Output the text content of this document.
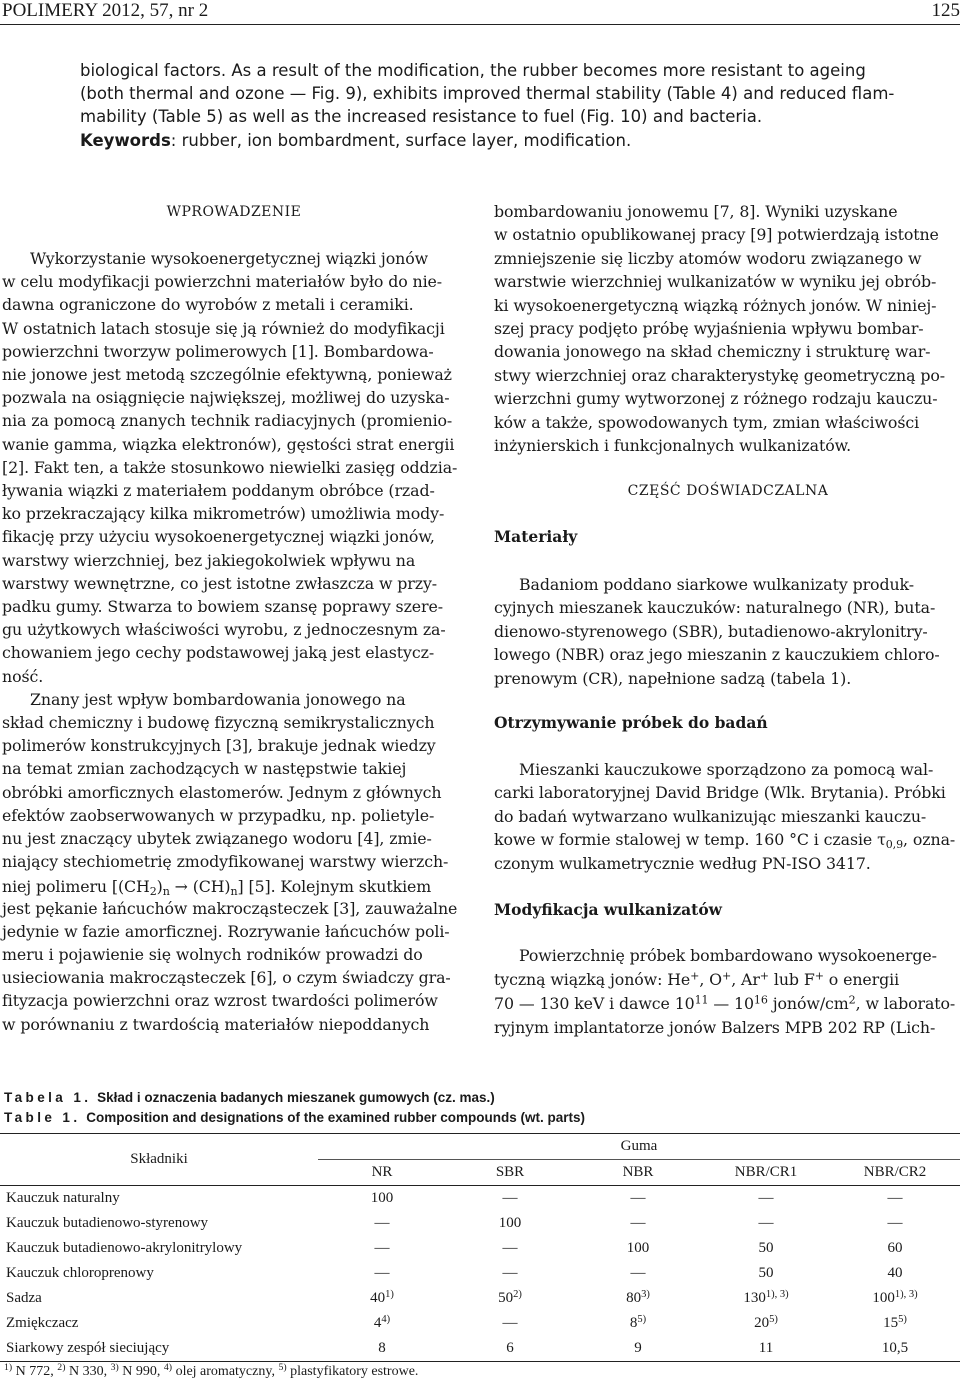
POLIMERY 2012, 57, nr 2	125
biological factors. As a result of the modification, the rubber becomes more resistant to ageing
(both thermal and ozone — Fig. 9), exhibits improved thermal stability (Table 4) and reduced flam-
mability (Table 5) as well as the increased resistance to fuel (Fig. 10) and bacteria.
Keywords: rubber, ion bombardment, surface layer, modification.
WPROWADZENIE
Wykorzystanie wysokoenergetycznej wiązki jonów
w celu modyfikacji powierzchni materiałów było do nie-
dawna ograniczone do wyrobów z metali i ceramiki.
W ostatnich latach stosuje się ją również do modyfikacji
powierzchni tworzyw polimerowych [1]. Bombardowa-
nie jonowe jest metodą szczególnie efektywną, ponieważ
pozwala na osiągnięcie największej, możliwej do uzyska-
nia za pomocą znanych technik radiacyjnych (promienio-
wanie gamma, wiązka elektronów), gęstości strat energii
[2]. Fakt ten, a także stosunkowo niewielki zasięg oddzia-
ływania wiązki z materiałem poddanym obróbce (rzad-
ko przekraczający kilka mikrometrów) umożliwia mody-
fikację przy użyciu wysokoenergetycznej wiązki jonów,
warstwy wierzchniej, bez jakiegokolwiek wpływu na
warstwy wewnętrzne, co jest istotne zwłaszcza w przy-
padku gumy. Stwarza to bowiem szansę poprawy szere-
gu użytkowych właściwości wyrobu, z jednoczesnym za-
chowaniem jego cechy podstawowej jaką jest elastycz-
ność.
Znany jest wpływ bombardowania jonowego na
skład chemiczny i budowę fizyczną semikrystalicznych
polimerów konstrukcyjnych [3], brakuje jednak wiedzy
na temat zmian zachodzących w następstwie takiej
obróbki amorficznych elastomerów. Jednym z głównych
efektów zaobserwowanych w przypadku, np. polietyle-
nu jest znaczący ubytek związanego wodoru [4], zmie-
niający stechiometrię zmodyfikowanej warstwy wierzch-
jest pękanie łańcuchów makrocząsteczek [3], zauważalne
jedynie w fazie amorficznej. Rozrywanie łańcuchów poli-
meru i pojawienie się wolnych rodników prowadzi do
usieciowania makrocząsteczek [6], o czym świadczy gra-
fityzacja powierzchni oraz wzrost twardości polimerów
w porównaniu z twardością materiałów niepoddanych
niej polimeru $[(CH_2)_n \to (CH)_n]$ [5]. Kolejnym skutkiem
bombardowaniu jonowemu [7, 8]. Wyniki uzyskane
w ostatnio opublikowanej pracy [9] potwierdzają istotne
zmniejszenie się liczby atomów wodoru związanego w
warstwie wierzchniej wulkanizatów w wyniku jej obrób-
ki wysokoenergetyczną wiązką różnych jonów. W niniej-
szej pracy podjęto próbę wyjaśnienia wpływu bombar-
dowania jonowego na skład chemiczny i strukturę war-
stwy wierzchniej oraz charakterystykę geometryczną po-
wierzchni gumy wytworzonej z różnego rodzaju kauczu-
ków a także, spowodowanych tym, zmian właściwości
inżynierskich i funkcjonalnych wulkanizatów.
CZĘŚĆ DOŚWIADCZALNA
Materiały
Badaniom poddano siarkowe wulkanizaty produk-
cyjnych mieszanek kauczuków: naturalnego (NR), buta-
dienowo-styrenowego (SBR), butadienowo-akrylonitry-
lowego (NBR) oraz jego mieszanin z kauczukiem chloro-
prenowym (CR), napełnione sadzą (tabela 1).
Otrzymywanie próbek do badań
Mieszanki kauczukowe sporządzono za pomocą wal-
carki laboratoryjnej David Bridge (Wlk. Brytania). Próbki
do badań wytwarzano wulkanizując mieszanki kauczu-
kowe w formie stalowej w temp. 160 °C i czasie $\tau_{0,9}$, ozna-
czonym wulkametrycznie według PN-ISO 3417.
Modyfikacja wulkanizatów
Powierzchnię próbek bombardowano wysokoenerge-
tyczną wiązką jonów: He+, O+, Ar+ lub F+ o energii
70 — 130 keV i dawce $10^{11}$ — $10^{16}$ jonów/$cm^2$, w laborato-
ryjnym implantatorze jonów Balzers MPB 202 RP (Lich-
Tabela 1. Skład i oznaczenia badanych mieszanek gumowych (cz. mas.)
Table 1. Composition and designations of the examined rubber compounds (wt. parts)
Składniki	Guma				
	NR	SBR	NBR	NBR/CR1	NBR/CR2
Kauczuk naturalny	100	—	—	—	—
Kauczuk butadienowo-styrenowy	—	100	—	—	—
Kauczuk butadienowo-akrylonitrylowy	—	—	100	50	60
Kauczuk chloroprenowy	—	—	—	50	40
Sadza	40$^{1)}$	50$^{2)}$	80$^{3)}$	$130^{1), 3)}$	$100^{1), 3)}$
Zmiękczacz	4$^{4)}$	—	8$^{5)}$	20$^{5)}$	15$^{5)}$
Siarkowy zespół sieciujący	8	6	9	11	10,5
$^{1)}$ N 772, $^{2)}$ N 330, $^{3)}$ N 990, $^{4)}$ olej aromatyczny, $^{5)}$ plastyfikatory estrowe.
